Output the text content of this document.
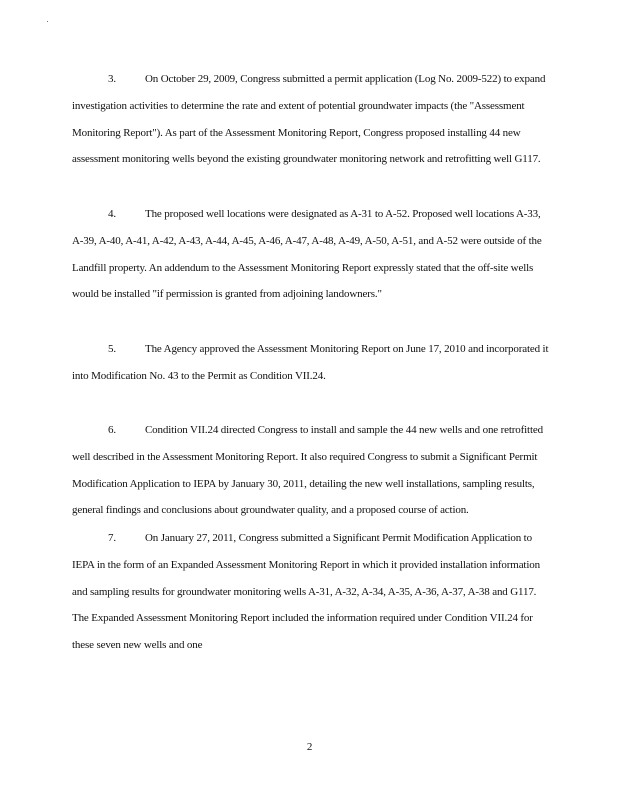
3.	On October 29, 2009, Congress submitted a permit application (Log No. 2009-522) to expand investigation activities to determine the rate and extent of potential groundwater impacts (the "Assessment Monitoring Report"). As part of the Assessment Monitoring Report, Congress proposed installing 44 new assessment monitoring wells beyond the existing groundwater monitoring network and retrofitting well G117.

4.	The proposed well locations were designated as A-31 to A-52. Proposed well locations A-33, A-39, A-40, A-41, A-42, A-43, A-44, A-45, A-46, A-47, A-48, A-49, A-50, A-51, and A-52 were outside of the Landfill property. An addendum to the Assessment Monitoring Report expressly stated that the off-site wells would be installed "if permission is granted from adjoining landowners."

5.	The Agency approved the Assessment Monitoring Report on June 17, 2010 and incorporated it into Modification No. 43 to the Permit as Condition VII.24.

6.	Condition VII.24 directed Congress to install and sample the 44 new wells and one retrofitted well described in the Assessment Monitoring Report. It also required Congress to submit a Significant Permit Modification Application to IEPA by January 30, 2011, detailing the new well installations, sampling results, general findings and conclusions about groundwater quality, and a proposed course of action.

7.	On January 27, 2011, Congress submitted a Significant Permit Modification Application to IEPA in the form of an Expanded Assessment Monitoring Report in which it provided installation information and sampling results for groundwater monitoring wells A-31, A-32, A-34, A-35, A-36, A-37, A-38 and G117. The Expanded Assessment Monitoring Report included the information required under Condition VII.24 for these seven new wells and one

2
